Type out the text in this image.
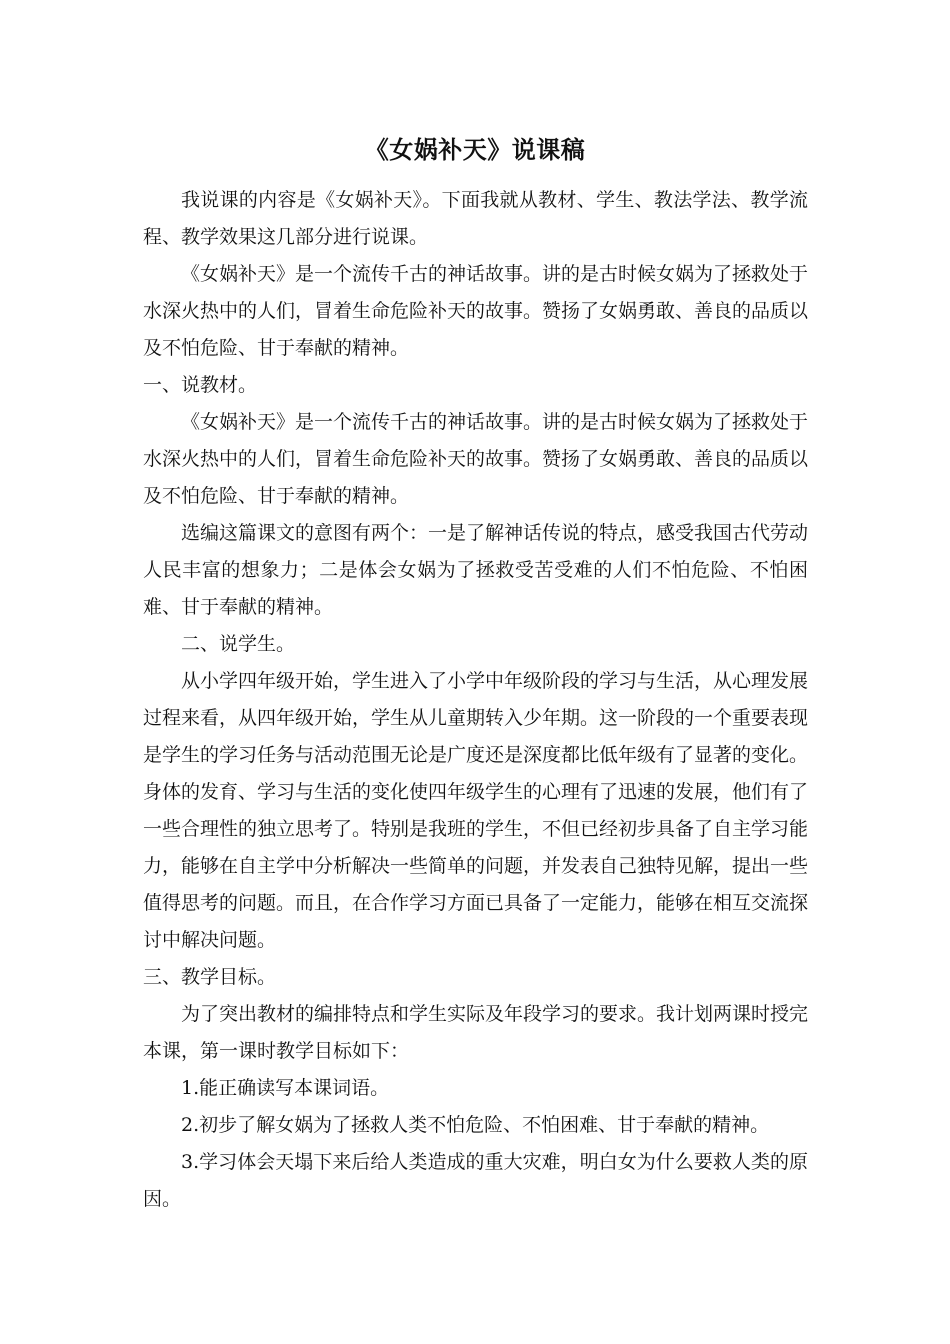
《女娲补天》说课稿

我说课的内容是《女娲补天》。下面我就从教材、学生、教法学法、教学流程、教学效果这几部分进行说课。

《女娲补天》是一个流传千古的神话故事。讲的是古时候女娲为了拯救处于水深火热中的人们，冒着生命危险补天的故事。赞扬了女娲勇敢、善良的品质以及不怕危险、甘于奉献的精神。

一、说教材。

《女娲补天》是一个流传千古的神话故事。讲的是古时候女娲为了拯救处于水深火热中的人们，冒着生命危险补天的故事。赞扬了女娲勇敢、善良的品质以及不怕危险、甘于奉献的精神。

选编这篇课文的意图有两个：一是了解神话传说的特点，感受我国古代劳动人民丰富的想象力；二是体会女娲为了拯救受苦受难的人们不怕危险、不怕困难、甘于奉献的精神。

二、说学生。

从小学四年级开始，学生进入了小学中年级阶段的学习与生活，从心理发展过程来看，从四年级开始，学生从儿童期转入少年期。这一阶段的一个重要表现是学生的学习任务与活动范围无论是广度还是深度都比低年级有了显著的变化。身体的发育、学习与生活的变化使四年级学生的心理有了迅速的发展，他们有了一些合理性的独立思考了。特别是我班的学生，不但已经初步具备了自主学习能力，能够在自主学中分析解决一些简单的问题，并发表自己独特见解，提出一些值得思考的问题。而且，在合作学习方面已具备了一定能力，能够在相互交流探讨中解决问题。

三、教学目标。

为了突出教材的编排特点和学生实际及年段学习的要求。我计划两课时授完本课，第一课时教学目标如下：

1.能正确读写本课词语。

2.初步了解女娲为了拯救人类不怕危险、不怕困难、甘于奉献的精神。

3.学习体会天塌下来后给人类造成的重大灾难，明白女为什么要救人类的原因。
